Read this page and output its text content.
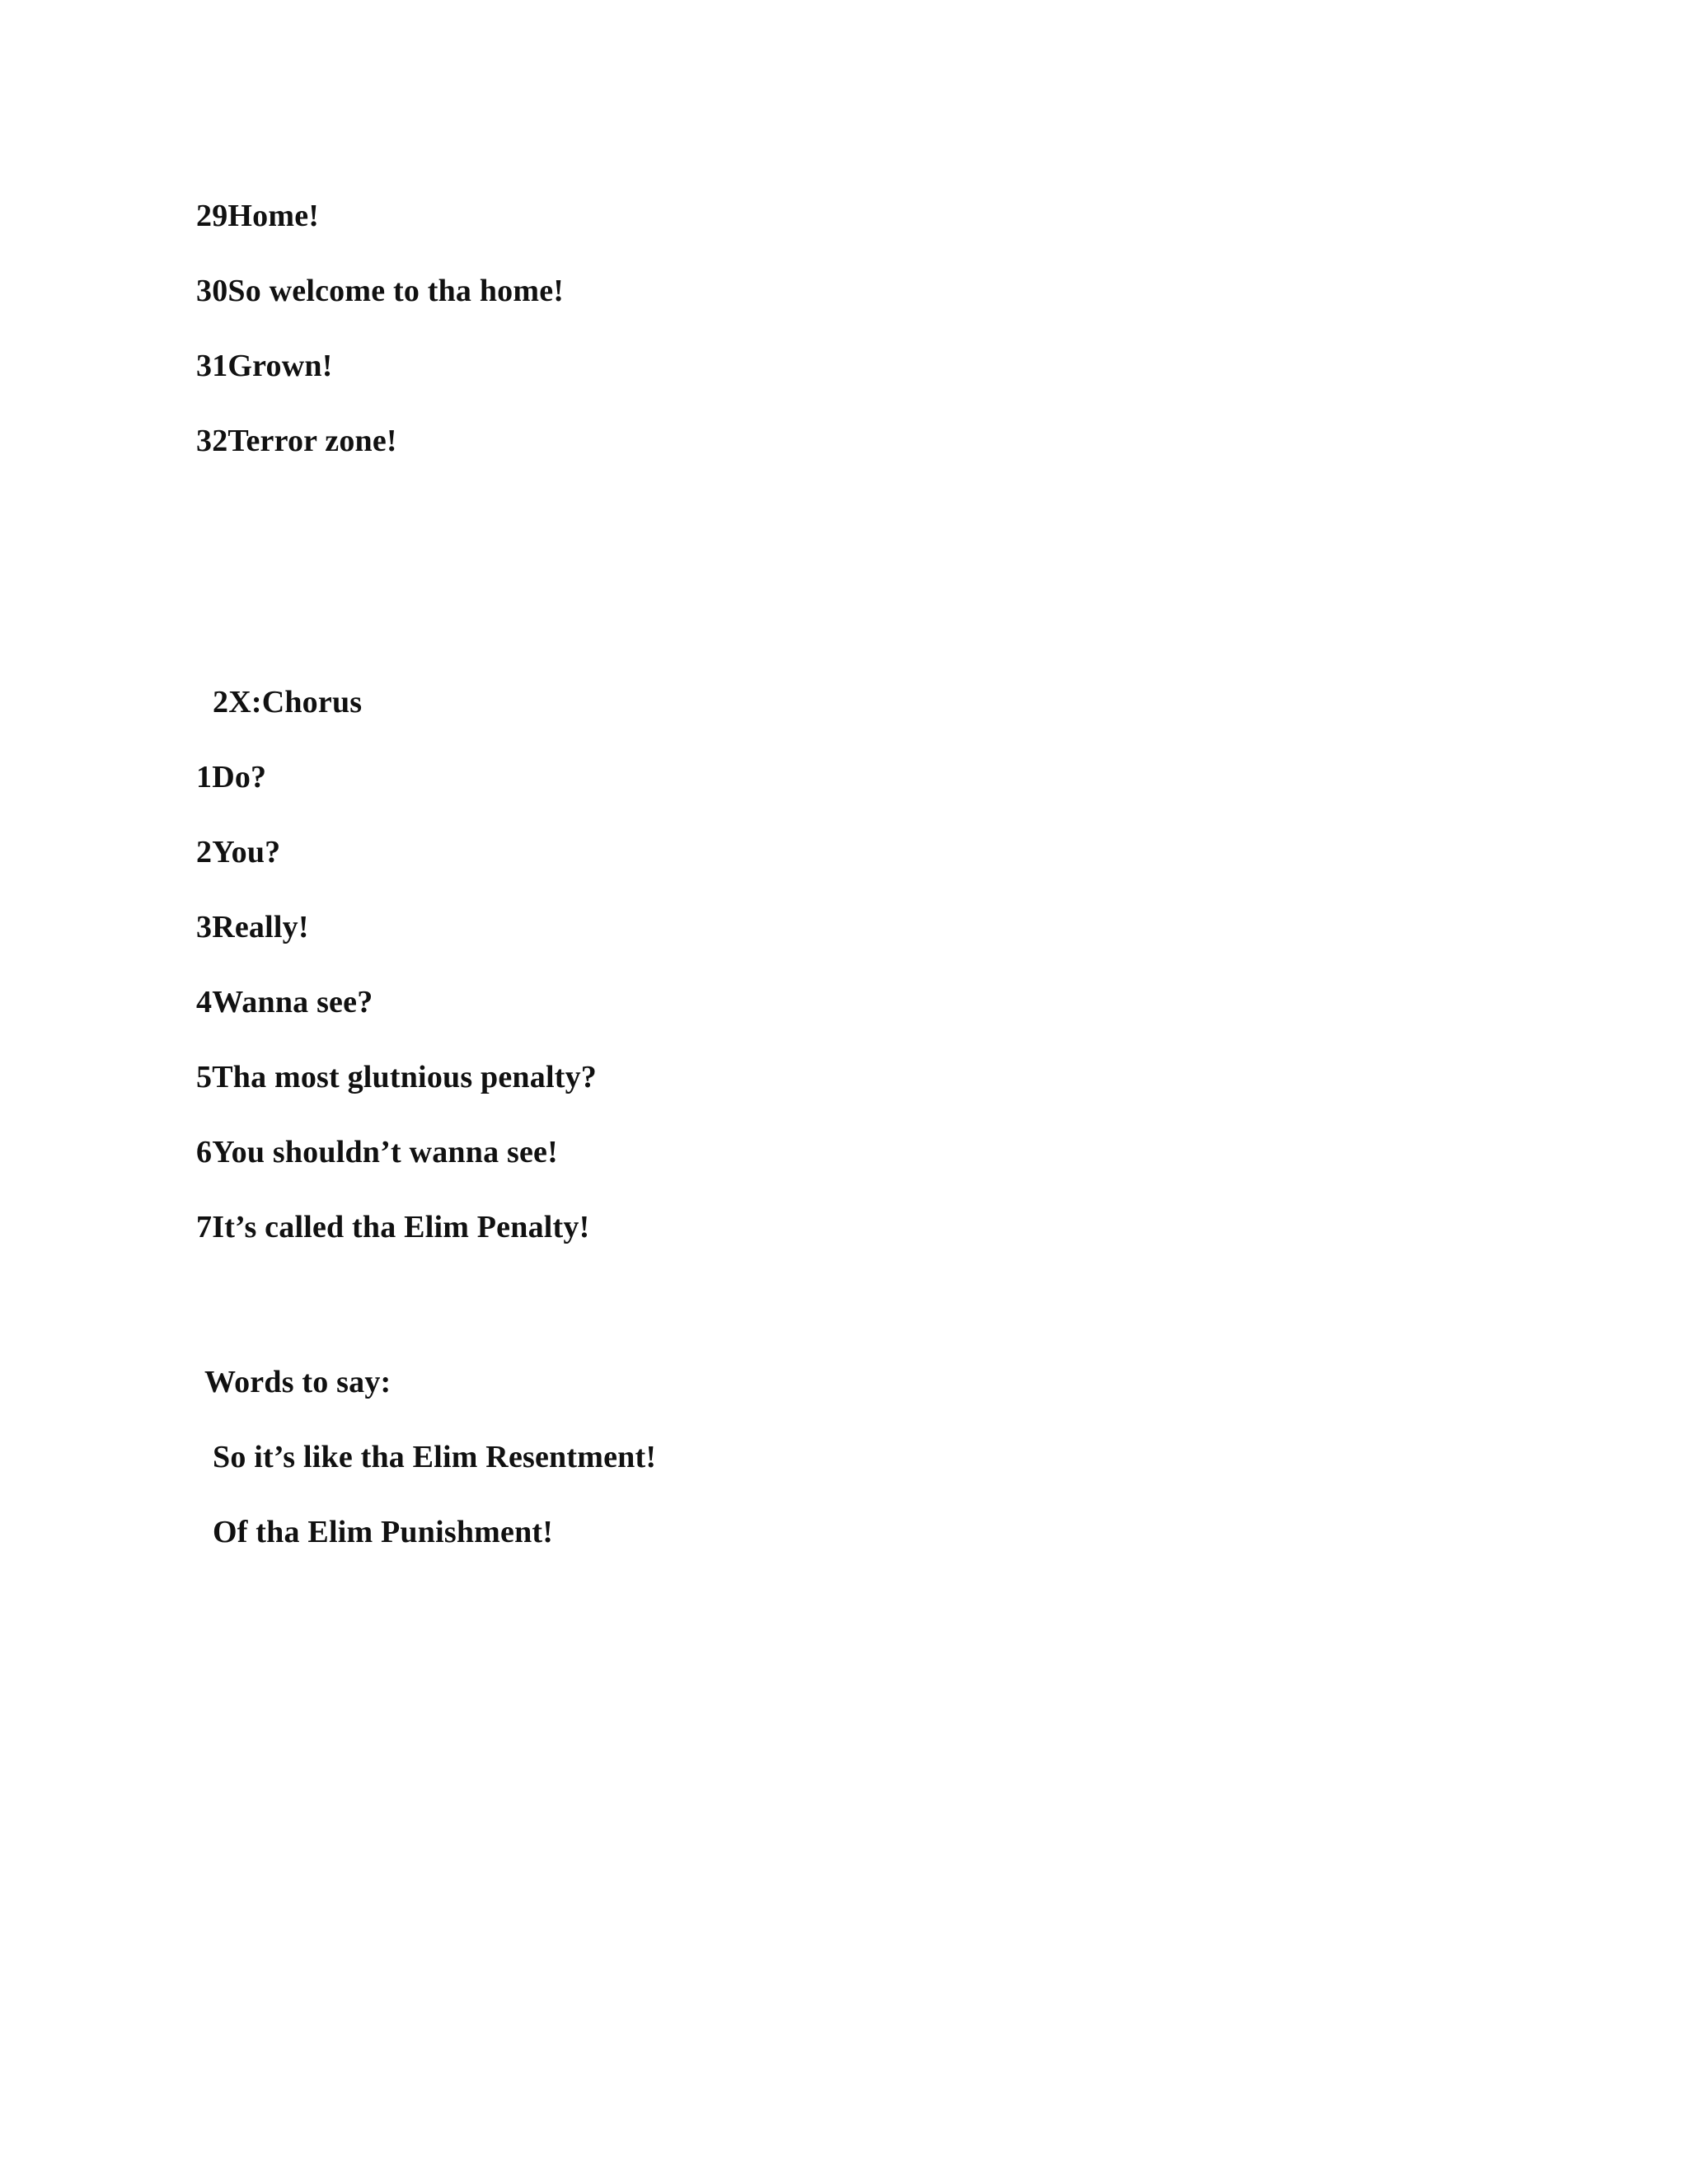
29Home!
30So welcome to tha home!
31Grown!
32Terror zone!
2X:Chorus
1Do?
2You?
3Really!
4Wanna see?
5Tha most glutnious penalty?
6You shouldn’t wanna see!
7It’s called tha Elim Penalty!
Words to say:
So it’s like tha Elim Resentment!
Of tha Elim Punishment!
